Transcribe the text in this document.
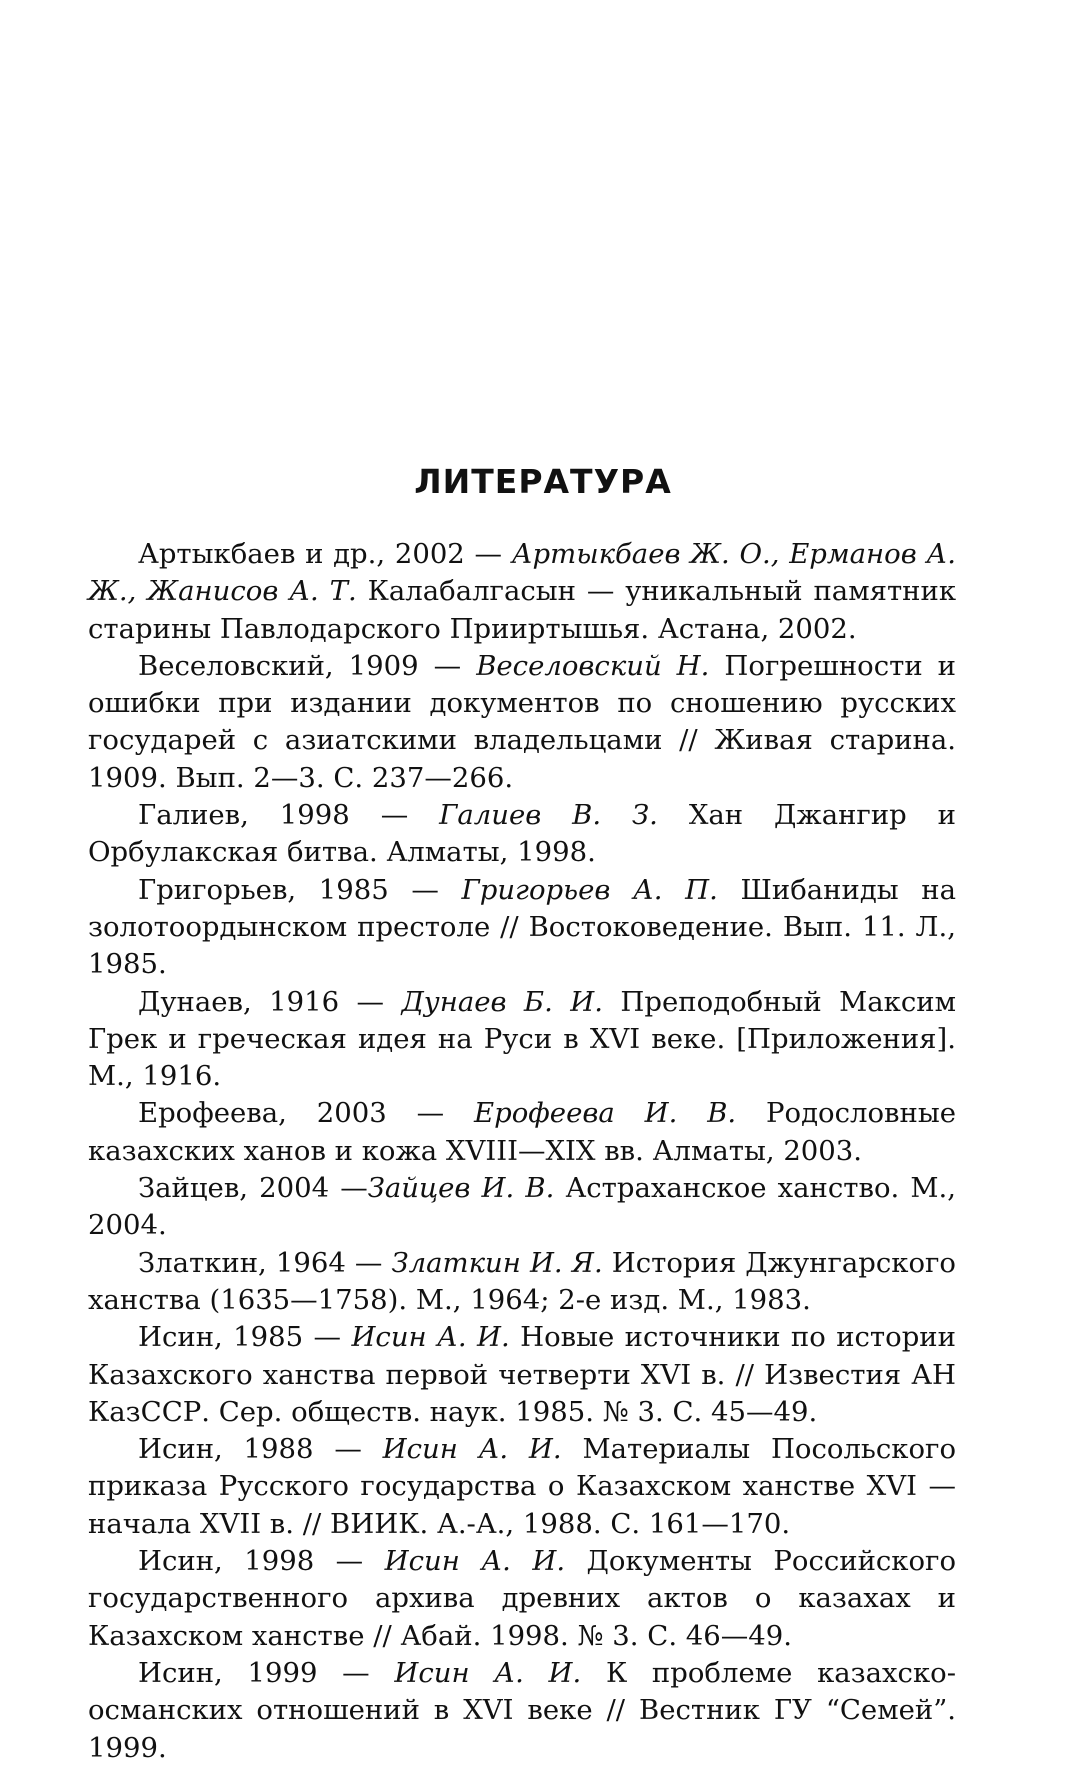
ЛИТЕРАТУРА

Артыкбаев и др., 2002 — Артыкбаев Ж. О., Ерманов А. Ж., Жанисов А. Т. Калабалгасын — уникальный памятник старины Павлодарского Прииртышья. Астана, 2002.

Веселовский, 1909 — Веселовский Н. Погрешности и ошибки при издании документов по сношению русских государей с азиатскими владельцами // Живая старина. 1909. Вып. 2—3. С. 237—266.

Галиев, 1998 — Галиев В. З. Хан Джангир и Орбулакская битва. Алматы, 1998.

Григорьев, 1985 — Григорьев А. П. Шибаниды на золотоордынском престоле // Востоковедение. Вып. 11. Л., 1985.

Дунаев, 1916 — Дунаев Б. И. Преподобный Максим Грек и греческая идея на Руси в XVI веке. [Приложения]. М., 1916.

Ерофеева, 2003 — Ерофеева И. В. Родословные казахских ханов и кожа XVIII—XIX вв. Алматы, 2003.

Зайцев, 2004 —Зайцев И. В. Астраханское ханство. М., 2004.

Златкин, 1964 — Златкин И. Я. История Джунгарского ханства (1635—1758). М., 1964; 2-е изд. М., 1983.

Исин, 1985 — Исин А. И. Новые источники по истории Казахского ханства первой четверти XVI в. // Известия АН КазССР. Сер. обществ. наук. 1985. № 3. С. 45—49.

Исин, 1988 — Исин А. И. Материалы Посольского приказа Русского государства о Казахском ханстве XVI — начала XVII в. // ВИИК. А.-А., 1988. С. 161—170.

Исин, 1998 — Исин А. И. Документы Российского государственного архива древних актов о казахах и Казахском ханстве // Абай. 1998. № 3. С. 46—49.

Исин, 1999 — Исин А. И. К проблеме казахско-османских отношений в XVI веке // Вестник ГУ “Семей”. 1999.
